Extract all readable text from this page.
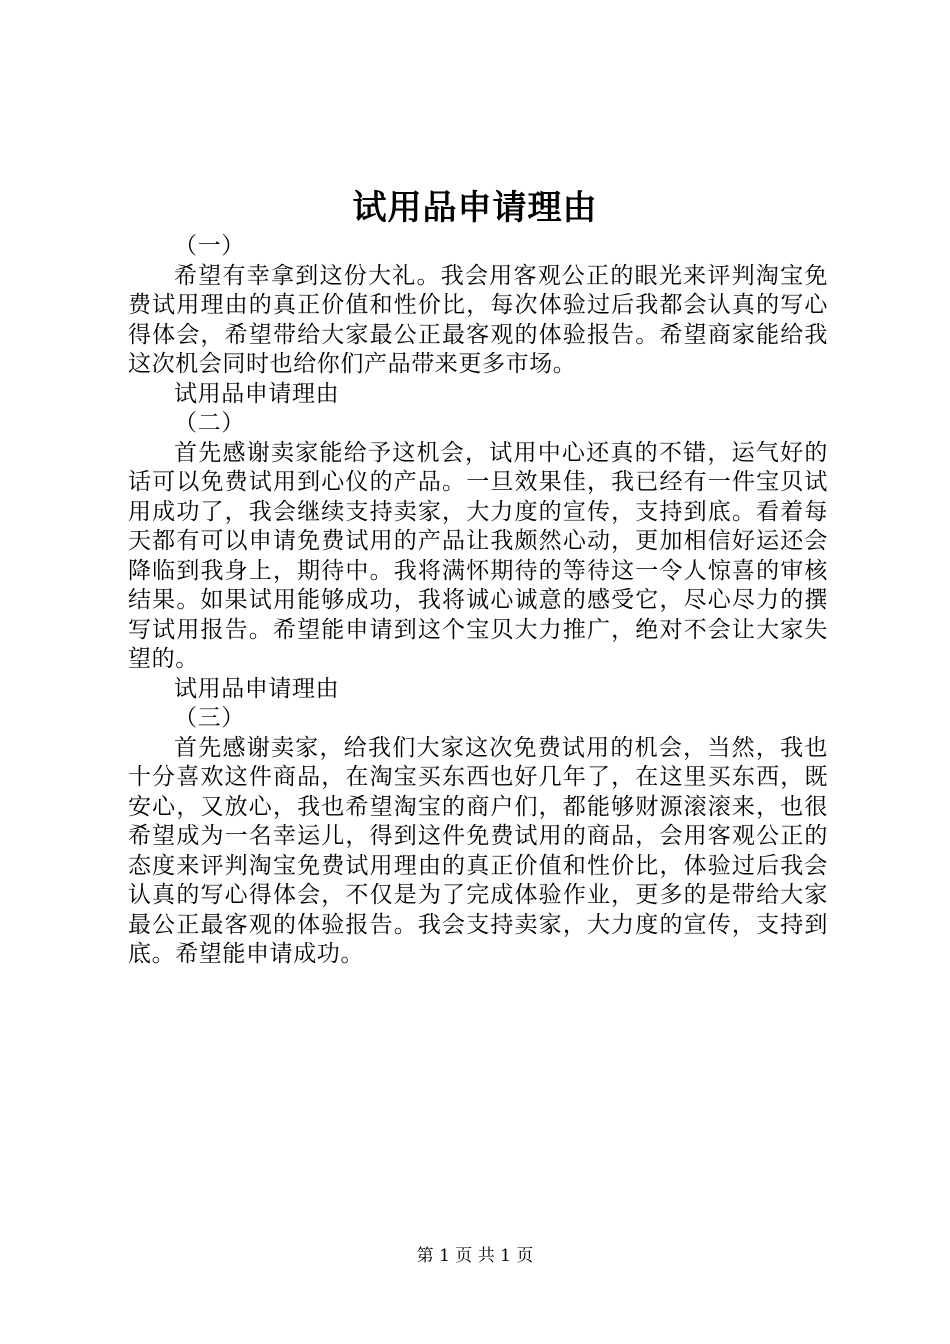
试用品申请理由

（一）

希望有幸拿到这份大礼。我会用客观公正的眼光来评判淘宝免费试用理由的真正价值和性价比，每次体验过后我都会认真的写心得体会，希望带给大家最公正最客观的体验报告。希望商家能给我这次机会同时也给你们产品带来更多市场。

试用品申请理由

（二）

首先感谢卖家能给予这机会，试用中心还真的不错，运气好的话可以免费试用到心仪的产品。一旦效果佳，我已经有一件宝贝试用成功了，我会继续支持卖家，大力度的宣传，支持到底。看着每天都有可以申请免费试用的产品让我颇然心动，更加相信好运还会降临到我身上，期待中。我将满怀期待的等待这一令人惊喜的审核结果。如果试用能够成功，我将诚心诚意的感受它，尽心尽力的撰写试用报告。希望能申请到这个宝贝大力推广，绝对不会让大家失望的。

试用品申请理由

（三）

首先感谢卖家，给我们大家这次免费试用的机会，当然，我也十分喜欢这件商品，在淘宝买东西也好几年了，在这里买东西，既安心，又放心，我也希望淘宝的商户们，都能够财源滚滚来，也很希望成为一名幸运儿，得到这件免费试用的商品，会用客观公正的态度来评判淘宝免费试用理由的真正价值和性价比，体验过后我会认真的写心得体会，不仅是为了完成体验作业，更多的是带给大家最公正最客观的体验报告。我会支持卖家，大力度的宣传，支持到底。希望能申请成功。

第 1 页 共 1 页
